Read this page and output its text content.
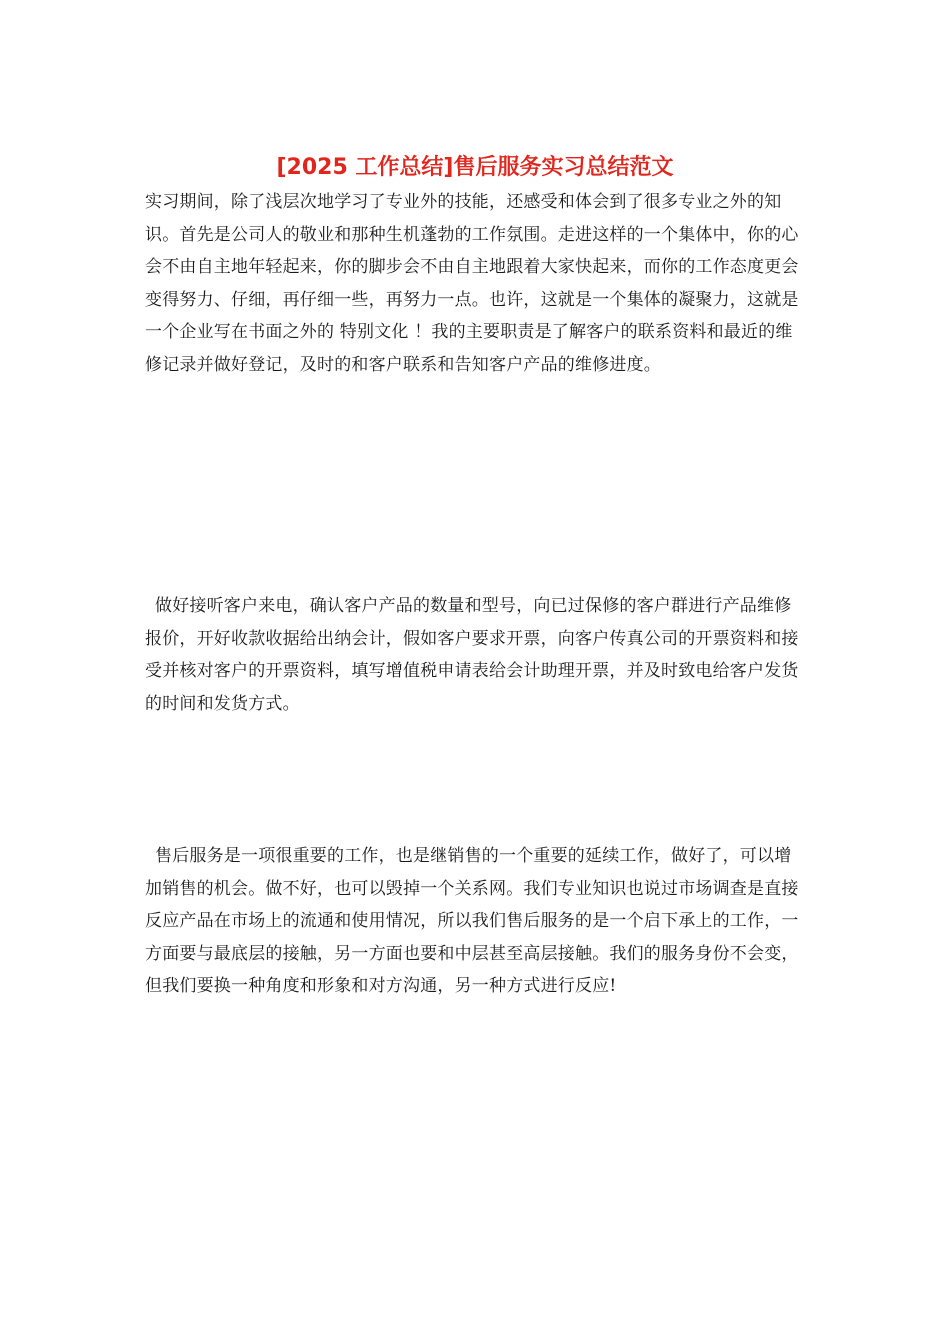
[2025 工作总结]售后服务实习总结范文

实习期间，除了浅层次地学习了专业外的技能，还感受和体会到了很多专业之外的知识。首先是公司人的敬业和那种生机蓬勃的工作氛围。走进这样的一个集体中，你的心会不由自主地年轻起来，你的脚步会不由自主地跟着大家快起来，而你的工作态度更会变得努力、仔细，再仔细一些，再努力一点。也许，这就是一个集体的凝聚力，这就是一个企业写在书面之外的 特别文化 ！我的主要职责是了解客户的联系资料和最近的维修记录并做好登记，及时的和客户联系和告知客户产品的维修进度。

做好接听客户来电，确认客户产品的数量和型号，向已过保修的客户群进行产品维修报价，开好收款收据给出纳会计，假如客户要求开票，向客户传真公司的开票资料和接受并核对客户的开票资料，填写增值税申请表给会计助理开票，并及时致电给客户发货的时间和发货方式。

售后服务是一项很重要的工作，也是继销售的一个重要的延续工作，做好了，可以增加销售的机会。做不好，也可以毁掉一个关系网。我们专业知识也说过市场调查是直接反应产品在市场上的流通和使用情况，所以我们售后服务的是一个启下承上的工作，一方面要与最底层的接触，另一方面也要和中层甚至高层接触。我们的服务身份不会变，但我们要换一种角度和形象和对方沟通，另一种方式进行反应!
